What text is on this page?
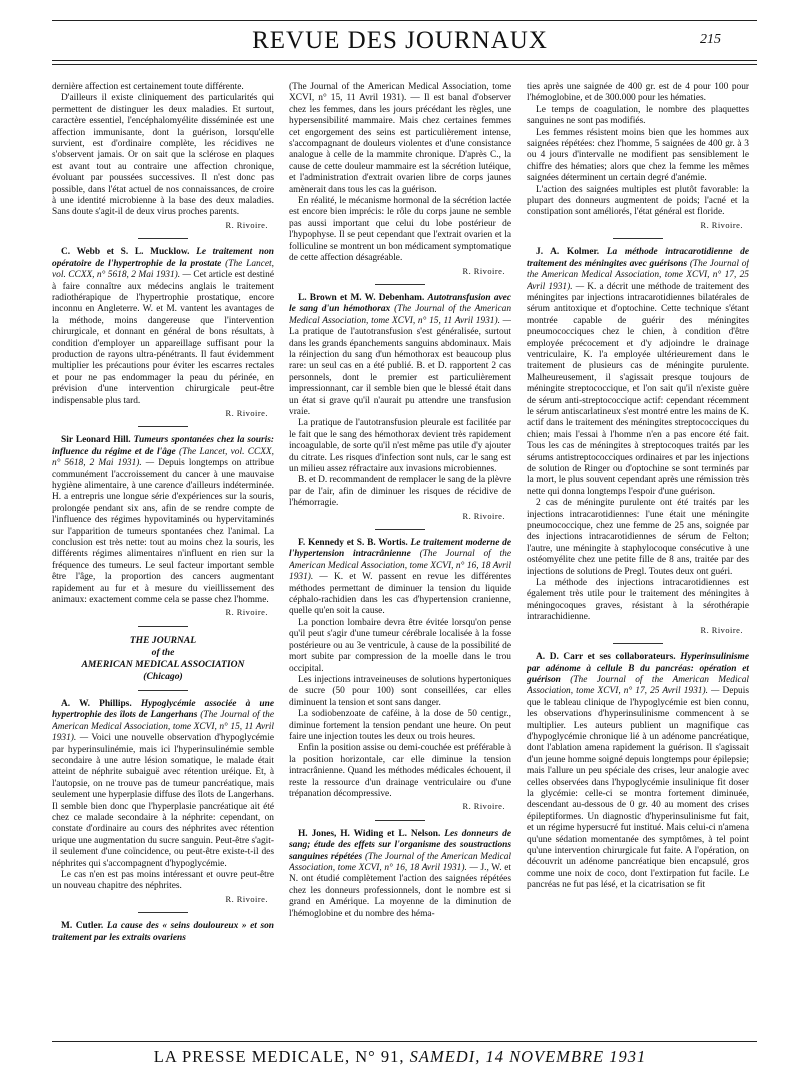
REVUE DES JOURNAUX	215

dernière affection est certainement toute différente.

D'ailleurs il existe cliniquement des particularités qui permettent de distinguer les deux maladies. Et surtout, caractère essentiel, l'encéphalomyélite disséminée est une affection immunisante, dont la guérison, lorsqu'elle survient, est d'ordinaire complète, les récidives ne s'observent jamais. Or on sait que la sclérose en plaques est avant tout au contraire une affection chronique, évoluant par poussées successives. Il n'est donc pas possible, dans l'état actuel de nos connaissances, de croire à une identité microbienne à la base des deux maladies. Sans doute s'agit-il de deux virus proches parents.

R. Rivoire.

C. Webb et S. L. Mucklow. Le traitement non opératoire de l'hypertrophie de la prostate (The Lancet, vol. CCXX, n° 5618, 2 Mai 1931). — Cet article est destiné à faire connaître aux médecins anglais le traitement radiothérapique de l'hypertrophie prostatique, encore inconnu en Angleterre. W. et M. vantent les avantages de la méthode, moins dangereuse que l'intervention chirurgicale, et donnant en général de bons résultats, à condition d'employer un appareillage suffisant pour la production de rayons ultra-pénétrants. Il faut évidemment multiplier les précautions pour éviter les escarres rectales et pour ne pas endommager la peau du périnée, en prévision d'une intervention chirurgicale peut-être indispensable plus tard.

R. Rivoire.

Sir Leonard Hill. Tumeurs spontanées chez la souris: influence du régime et de l'âge (The Lancet, vol. CCXX, n° 5618, 2 Mai 1931). — Depuis longtemps on attribue communément l'accroissement du cancer à une mauvaise hygiène alimentaire, à une carence d'ailleurs indéterminée. H. a entrepris une longue série d'expériences sur la souris, prolongée pendant six ans, afin de se rendre compte de l'influence des régimes hypovitaminés ou hypervitaminés sur l'apparition de tumeurs spontanées chez l'animal. La conclusion est très nette: tout au moins chez la souris, les différents régimes alimentaires n'influent en rien sur la fréquence des tumeurs. Le seul facteur important semble être l'âge, la proportion des cancers augmentant rapidement au fur et à mesure du vieillissement des animaux: exactement comme cela se passe chez l'homme.

R. Rivoire.
THE JOURNAL
of the
AMERICAN MEDICAL ASSOCIATION
(Chicago)

A. W. Phillips. Hypoglycémie associée à une hypertrophie des îlots de Langerhans (The Journal of the American Medical Association, tome XCVI, n° 15, 11 Avril 1931). — Voici une nouvelle observation d'hypoglycémie par hyperinsulinémie, mais ici l'hyperinsulinémie semble secondaire à une autre lésion somatique, le malade était atteint de néphrite subaiguë avec rétention uréique. Et, à l'autopsie, on ne trouve pas de tumeur pancréatique, mais seulement une hyperplasie diffuse des îlots de Langerhans. Il semble bien donc que l'hyperplasie pancréatique ait été chez ce malade secondaire à la néphrite: cependant, on constate d'ordinaire au cours des néphrites avec rétention urique une augmentation du sucre sanguin. Peut-être s'agit-il seulement d'une coïncidence, ou peut-être existe-t-il des néphrites qui s'accompagnent d'hypoglycémie.

Le cas n'en est pas moins intéressant et ouvre peut-être un nouveau chapitre des néphrites.

R. Rivoire.

M. Cutler. La cause des « seins douloureux » et son traitement par les extraits ovariens

(The Journal of the American Medical Association, tome XCVI, n° 15, 11 Avril 1931). — Il est banal d'observer chez les femmes, dans les jours précédant les règles, une hypersensibilité mammaire. Mais chez certaines femmes cet engorgement des seins est particulièrement intense, s'accompagnant de douleurs violentes et d'une consistance analogue à celle de la mammite chronique. D'après C., la cause de cette douleur mammaire est la sécrétion lutéique, et l'administration d'extrait ovarien libre de corps jaunes amènerait dans tous les cas la guérison.

En réalité, le mécanisme hormonal de la sécrétion lactée est encore bien imprécis: le rôle du corps jaune ne semble pas aussi important que celui du lobe postérieur de l'hypophyse. Il se peut cependant que l'extrait ovarien et la folliculine se montrent un bon médicament symptomatique de cette affection désagréable.

R. Rivoire.

L. Brown et M. W. Debenham. Autotransfusion avec le sang d'un hémothorax (The Journal of the American Medical Association, tome XCVI, n° 15, 11 Avril 1931). — La pratique de l'autotransfusion s'est généralisée, surtout dans les grands épanchements sanguins abdominaux. Mais la réinjection du sang d'un hémothorax est beaucoup plus rare: un seul cas en a été publié. B. et D. rapportent 2 cas personnels, dont le premier est particulièrement impressionnant, car il semble bien que le blessé était dans un état si grave qu'il n'aurait pu attendre une transfusion vraie.

La pratique de l'autotransfusion pleurale est facilitée par le fait que le sang des hémothorax devient très rapidement incoagulable, de sorte qu'il n'est même pas utile d'y ajouter du citrate. Les risques d'infection sont nuls, car le sang est un milieu assez réfractaire aux invasions microbiennes.

B. et D. recommandent de remplacer le sang de la plèvre par de l'air, afin de diminuer les risques de récidive de l'hémorragie.

R. Rivoire.

F. Kennedy et S. B. Wortis. Le traitement moderne de l'hypertension intracrânienne (The Journal of the American Medical Association, tome XCVI, n° 16, 18 Avril 1931). — K. et W. passent en revue les différentes méthodes permettant de diminuer la tension du liquide céphalo-rachidien dans les cas d'hypertension cranienne, quelle qu'en soit la cause.

La ponction lombaire devra être évitée lorsqu'on pense qu'il peut s'agir d'une tumeur cérébrale localisée à la fosse postérieure ou au 3e ventricule, à cause de la possibilité de mort subite par compression de la moelle dans le trou occipital.

Les injections intraveineuses de solutions hypertoniques de sucre (50 pour 100) sont conseillées, car elles diminuent la tension et sont sans danger.

La sodiobenzoate de caféine, à la dose de 50 centigr., diminue fortement la tension pendant une heure. On peut faire une injection toutes les deux ou trois heures.

Enfin la position assise ou demi-couchée est préférable à la position horizontale, car elle diminue la tension intracrânienne. Quand les méthodes médicales échouent, il reste la ressource d'un drainage ventriculaire ou d'une trépanation décompressive.

R. Rivoire.

H. Jones, H. Widing et L. Nelson. Les donneurs de sang; étude des effets sur l'organisme des soustractions sanguines répétées (The Journal of the American Medical Association, tome XCVI, n° 16, 18 Avril 1931). — J., W. et N. ont étudié complètement l'action des saignées répétées chez les donneurs professionnels, dont le nombre est si grand en Amérique. La moyenne de la diminution de l'hémoglobine et du nombre des héma-

ties après une saignée de 400 gr. est de 4 pour 100 pour l'hémoglobine, et de 300.000 pour les hématies.

Le temps de coagulation, le nombre des plaquettes sanguines ne sont pas modifiés.

Les femmes résistent moins bien que les hommes aux saignées répétées: chez l'homme, 5 saignées de 400 gr. à 3 ou 4 jours d'intervalle ne modifient pas sensiblement le chiffre des hématies; alors que chez la femme les mêmes saignées déterminent un certain degré d'anémie.

L'action des saignées multiples est plutôt favorable: la plupart des donneurs augmentent de poids; l'acné et la constipation sont améliorés, l'état général est floride.

R. Rivoire.

J. A. Kolmer. La méthode intracarotidienne de traitement des méningites avec guérisons (The Journal of the American Medical Association, tome XCVI, n° 17, 25 Avril 1931). — K. a décrit une méthode de traitement des méningites par injections intracarotidiennes bilatérales de sérum antitoxique et d'optochine. Cette technique s'étant montrée capable de guérir des méningites pneumococciques chez le chien, à condition d'être employée précocement et d'y adjoindre le drainage ventriculaire, K. l'a employée ultérieurement dans le traitement de plusieurs cas de méningite purulente. Malheureusement, il s'agissait presque toujours de méningite streptococcique, et l'on sait qu'il n'existe guère de sérum anti-streptococcique actif: cependant récemment le sérum antiscarlatineux s'est montré entre les mains de K. actif dans le traitement des méningites streptococciques du chien; mais l'essai à l'homme n'en a pas encore été fait. Tous les cas de méningites à streptocoques traités par les sérums antistreptococciques ordinaires et par les injections de solution de Ringer ou d'optochine se sont terminés par la mort, le plus souvent cependant après une rémission très nette qui donna longtemps l'espoir d'une guérison.

2 cas de méningite purulente ont été traités par les injections intracarotidiennes: l'une était une méningite pneumococcique, chez une femme de 25 ans, soignée par des injections intracarotidiennes de sérum de Felton; l'autre, une méningite à staphylocoque consécutive à une ostéomyélite chez une petite fille de 8 ans, traitée par des injections de solutions de Pregl. Toutes deux ont guéri.

La méthode des injections intracarotidiennes est également très utile pour le traitement des méningites à méningocoques graves, résistant à la sérothérapie intrarachidienne.

R. Rivoire.

A. D. Carr et ses collaborateurs. Hyperinsulinisme par adénome à cellule B du pancréas: opération et guérison (The Journal of the American Medical Association, tome XCVI, n° 17, 25 Avril 1931). — Depuis que le tableau clinique de l'hypoglycémie est bien connu, les observations d'hyperinsulinisme commencent à se multiplier. Les auteurs publient un magnifique cas d'hypoglycémie chronique lié à un adénome pancréatique, dont l'ablation amena rapidement la guérison. Il s'agissait d'un jeune homme soigné depuis longtemps pour épilepsie; mais l'allure un peu spéciale des crises, leur analogie avec celles observées dans l'hypoglycémie insulinique fit doser la glycémie: celle-ci se montra fortement diminuée, descendant au-dessous de 0 gr. 40 au moment des crises épileptiformes. Un diagnostic d'hyperinsulinisme fut fait, et un régime hypersucré fut institué. Mais celui-ci n'amena qu'une sédation momentanée des symptômes, à tel point qu'une intervention chirurgicale fut faite. A l'opération, on découvrit un adénome pancréatique bien encapsulé, gros comme une noix de coco, dont l'extirpation fut facile. Le pancréas ne fut pas lésé, et la cicatrisation se fit

LA PRESSE MEDICALE, N° 91, SAMEDI, 14 NOVEMBRE 1931
